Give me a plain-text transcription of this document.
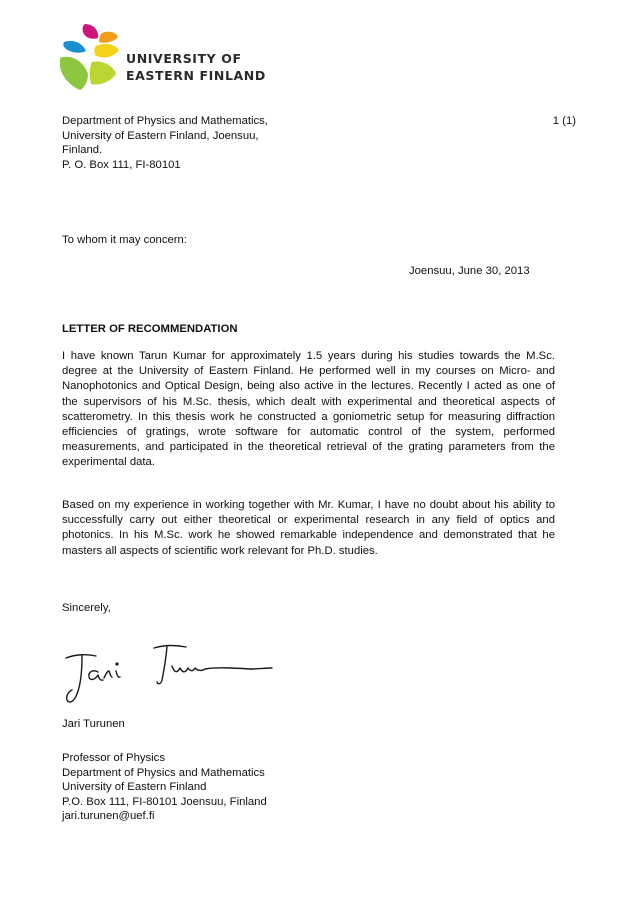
UNIVERSITY OF
EASTERN FINLAND
Department of Physics and Mathematics,
University of Eastern Finland, Joensuu,
Finland.
P. O. Box 111, FI-80101
1 (1)
To whom it may concern:
Joensuu, June 30, 2013
LETTER OF RECOMMENDATION

I have known Tarun Kumar for approximately 1.5 years during his studies towards the M.Sc. degree at the University of Eastern Finland. He performed well in my courses on Micro- and Nanophotonics and Optical Design, being also active in the lectures. Recently I acted as one of the supervisors of his M.Sc. thesis, which dealt with experimental and theoretical aspects of scatterometry. In this thesis work he constructed a goniometric setup for measuring diffraction efficiencies of gratings, wrote software for automatic control of the system, performed measurements, and participated in the theoretical retrieval of the grating parameters from the experimental data.

Based on my experience in working together with Mr. Kumar, I have no doubt about his ability to successfully carry out either theoretical or experimental research in any field of optics and photonics. In his M.Sc. work he showed remarkable independence and demonstrated that he masters all aspects of scientific work relevant for Ph.D. studies.

Sincerely,
Jari Turunen
Professor of Physics
Department of Physics and Mathematics
University of Eastern Finland
P.O. Box 111, FI-80101 Joensuu, Finland
jari.turunen@uef.fi
